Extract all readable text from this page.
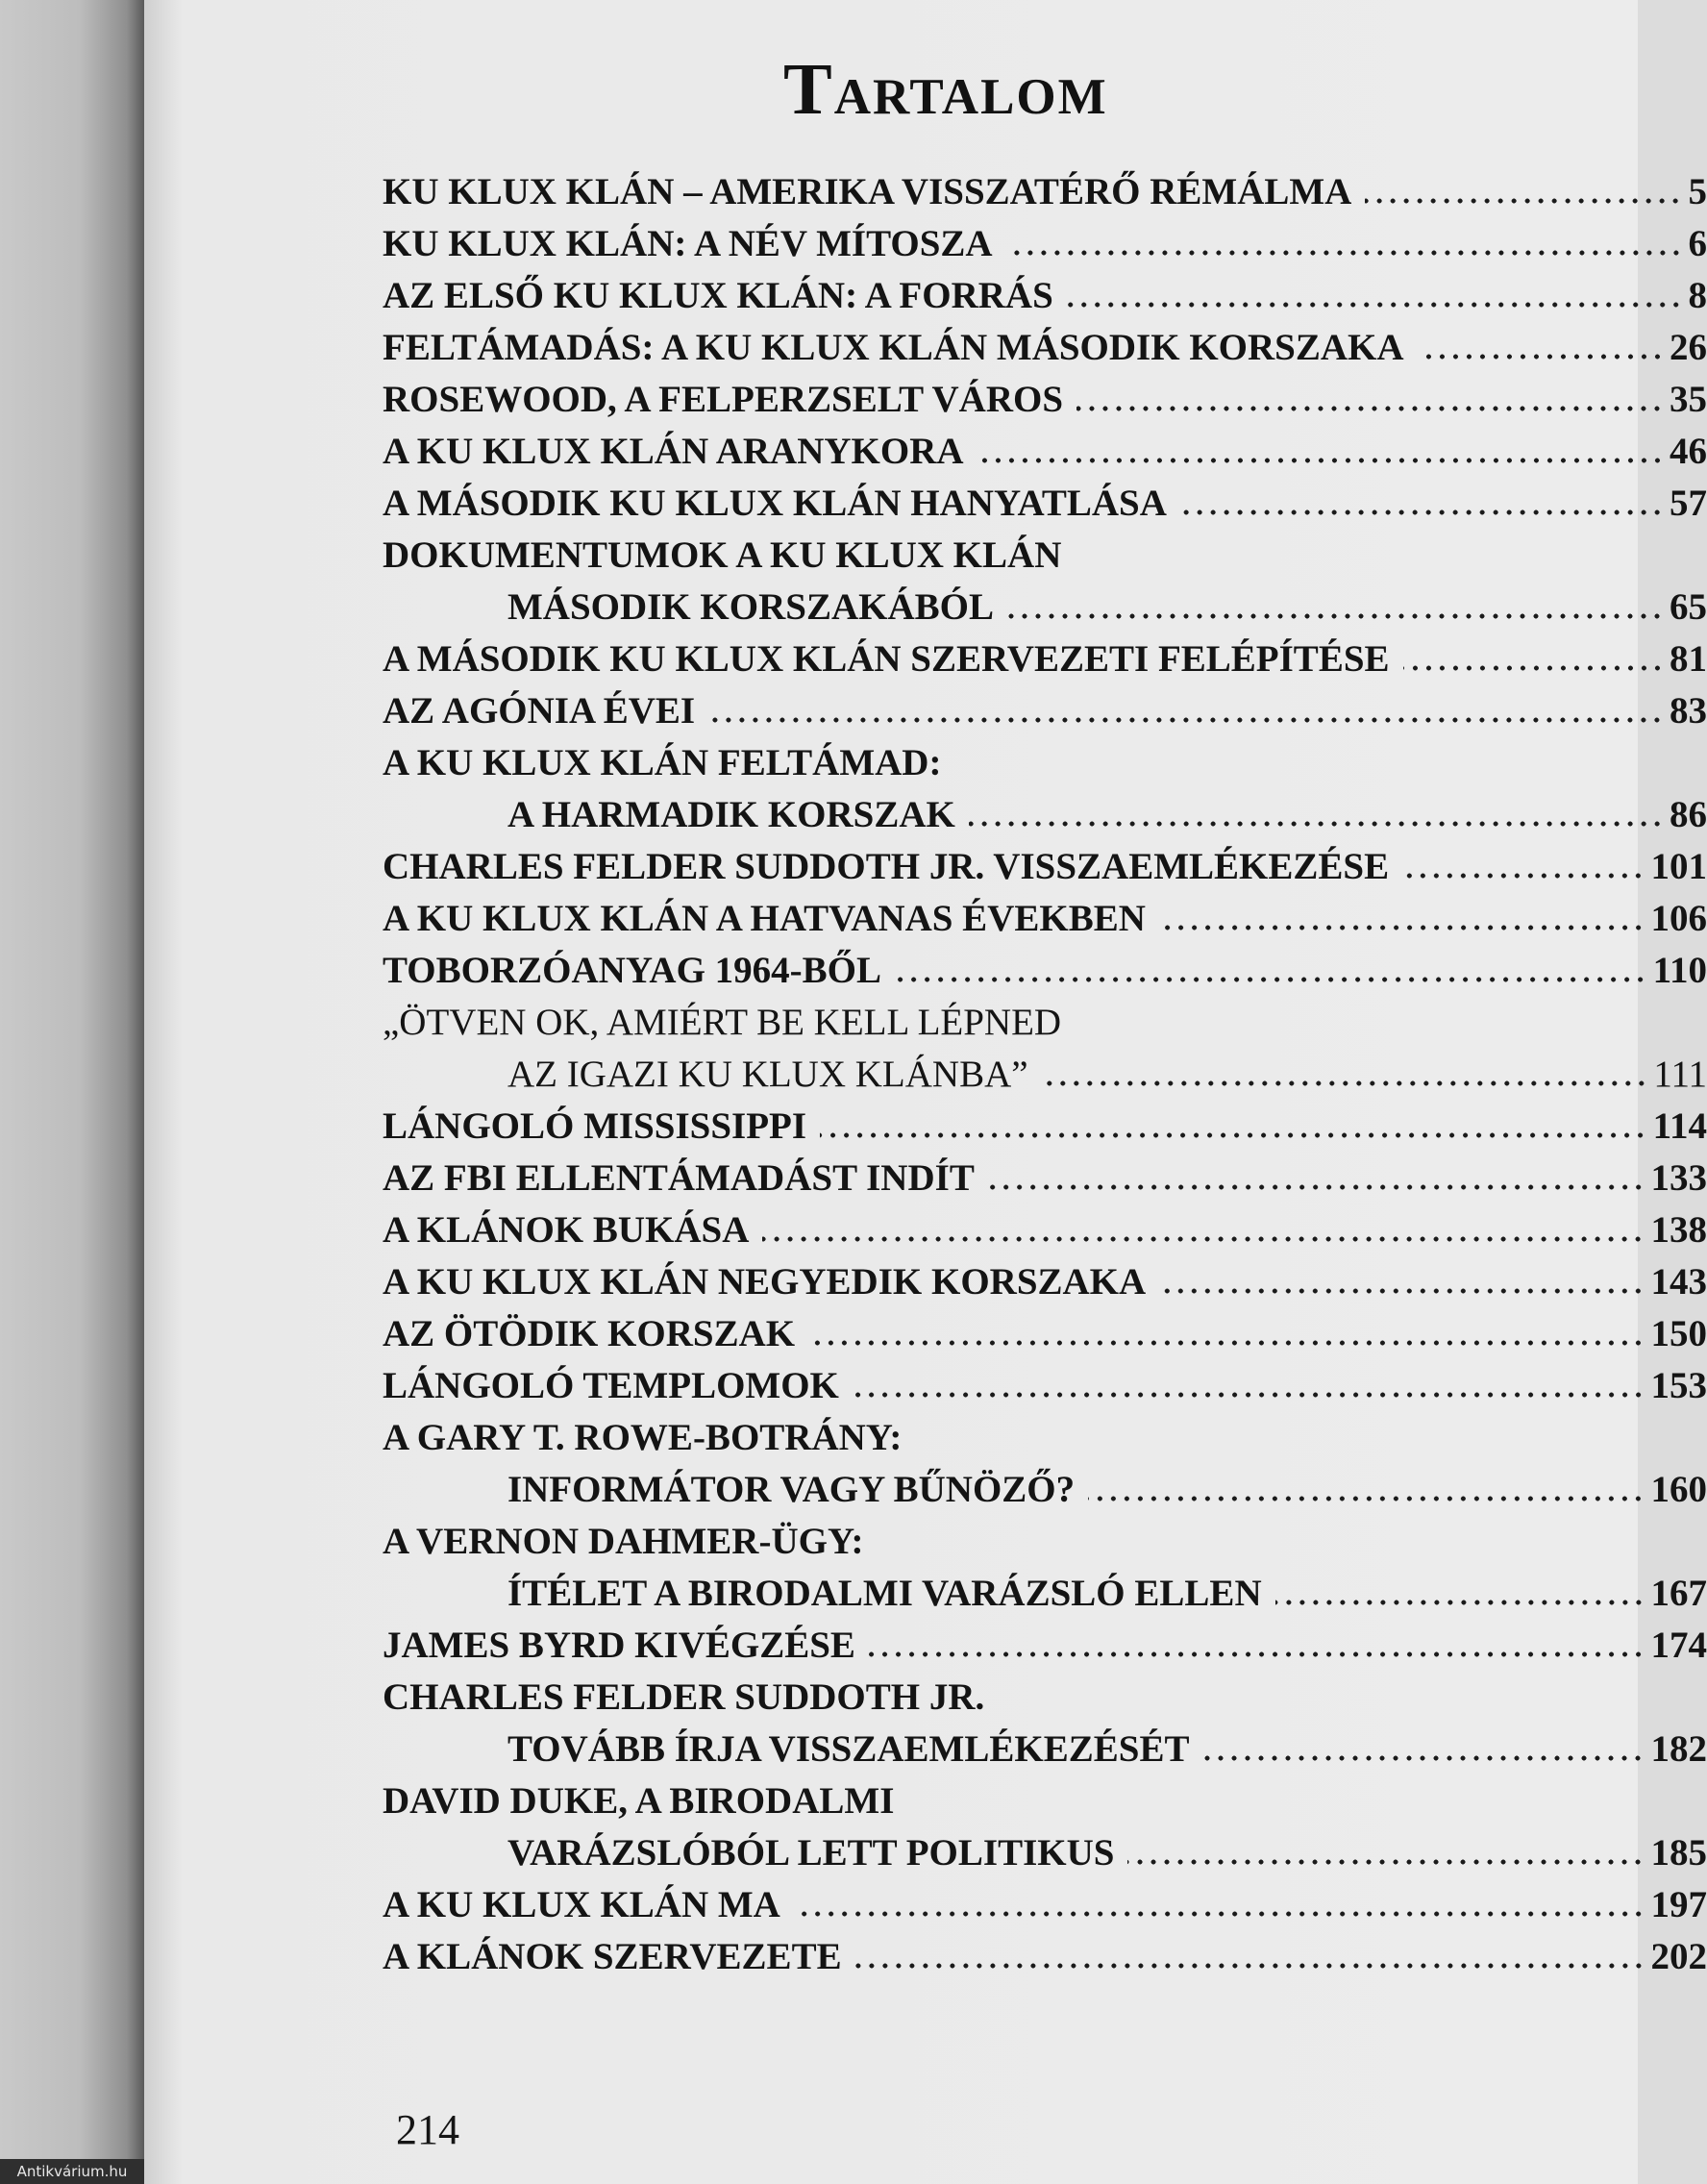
Tartalom
KU KLUX KLÁN – AMERIKA VISSZATÉRŐ RÉMÁLMA	5
KU KLUX KLÁN: A NÉV MÍTOSZA	6
AZ ELSŐ KU KLUX KLÁN: A FORRÁS	8
FELTÁMADÁS: A KU KLUX KLÁN MÁSODIK KORSZAKA	26
ROSEWOOD, A FELPERZSELT VÁROS	35
A KU KLUX KLÁN ARANYKORA	46
A MÁSODIK KU KLUX KLÁN HANYATLÁSA	57
DOKUMENTUMOK A KU KLUX KLÁN
MÁSODIK KORSZAKÁBÓL	65
A MÁSODIK KU KLUX KLÁN SZERVEZETI FELÉPÍTÉSE	81
AZ AGÓNIA ÉVEI	83
A KU KLUX KLÁN FELTÁMAD:
A HARMADIK KORSZAK	86
CHARLES FELDER SUDDOTH JR. VISSZAEMLÉKEZÉSE	101
A KU KLUX KLÁN A HATVANAS ÉVEKBEN	106
TOBORZÓANYAG 1964-BŐL	110
„ÖTVEN OK, AMIÉRT BE KELL LÉPNED
AZ IGAZI KU KLUX KLÁNBA”	111
LÁNGOLÓ MISSISSIPPI	114
AZ FBI ELLENTÁMADÁST INDÍT	133
A KLÁNOK BUKÁSA	138
A KU KLUX KLÁN NEGYEDIK KORSZAKA	143
AZ ÖTÖDIK KORSZAK	150
LÁNGOLÓ TEMPLOMOK	153
A GARY T. ROWE-BOTRÁNY:
INFORMÁTOR VAGY BŰNÖZŐ?	160
A VERNON DAHMER-ÜGY:
ÍTÉLET A BIRODALMI VARÁZSLÓ ELLEN	167
JAMES BYRD KIVÉGZÉSE	174
CHARLES FELDER SUDDOTH JR.
TOVÁBB ÍRJA VISSZAEMLÉKEZÉSÉT	182
DAVID DUKE, A BIRODALMI
VARÁZSLÓBÓL LETT POLITIKUS	185
A KU KLUX KLÁN MA	197
A KLÁNOK SZERVEZETE	202
214
Antikvárium.hu
